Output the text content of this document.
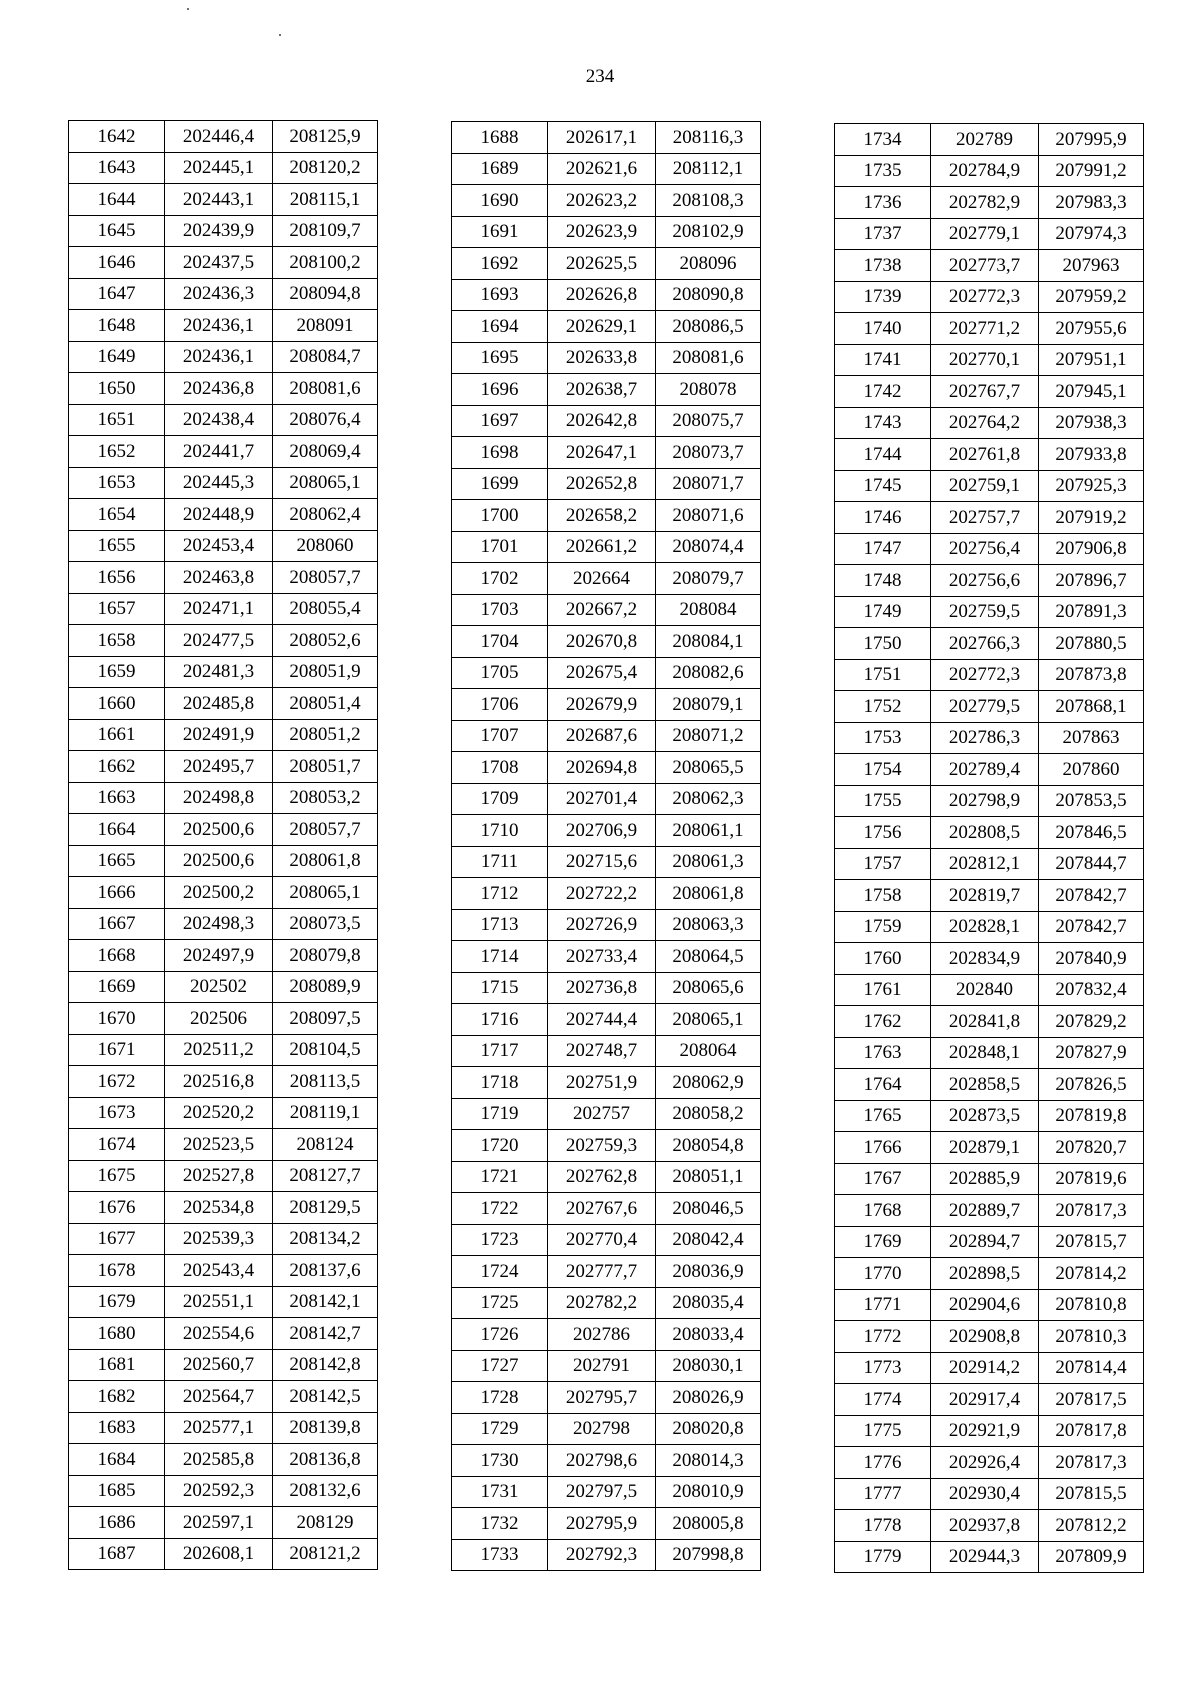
234
1642	202446,4	208125,9
1643	202445,1	208120,2
1644	202443,1	208115,1
1645	202439,9	208109,7
1646	202437,5	208100,2
1647	202436,3	208094,8
1648	202436,1	208091
1649	202436,1	208084,7
1650	202436,8	208081,6
1651	202438,4	208076,4
1652	202441,7	208069,4
1653	202445,3	208065,1
1654	202448,9	208062,4
1655	202453,4	208060
1656	202463,8	208057,7
1657	202471,1	208055,4
1658	202477,5	208052,6
1659	202481,3	208051,9
1660	202485,8	208051,4
1661	202491,9	208051,2
1662	202495,7	208051,7
1663	202498,8	208053,2
1664	202500,6	208057,7
1665	202500,6	208061,8
1666	202500,2	208065,1
1667	202498,3	208073,5
1668	202497,9	208079,8
1669	202502	208089,9
1670	202506	208097,5
1671	202511,2	208104,5
1672	202516,8	208113,5
1673	202520,2	208119,1
1674	202523,5	208124
1675	202527,8	208127,7
1676	202534,8	208129,5
1677	202539,3	208134,2
1678	202543,4	208137,6
1679	202551,1	208142,1
1680	202554,6	208142,7
1681	202560,7	208142,8
1682	202564,7	208142,5
1683	202577,1	208139,8
1684	202585,8	208136,8
1685	202592,3	208132,6
1686	202597,1	208129
1687	202608,1	208121,2
1688	202617,1	208116,3
1689	202621,6	208112,1
1690	202623,2	208108,3
1691	202623,9	208102,9
1692	202625,5	208096
1693	202626,8	208090,8
1694	202629,1	208086,5
1695	202633,8	208081,6
1696	202638,7	208078
1697	202642,8	208075,7
1698	202647,1	208073,7
1699	202652,8	208071,7
1700	202658,2	208071,6
1701	202661,2	208074,4
1702	202664	208079,7
1703	202667,2	208084
1704	202670,8	208084,1
1705	202675,4	208082,6
1706	202679,9	208079,1
1707	202687,6	208071,2
1708	202694,8	208065,5
1709	202701,4	208062,3
1710	202706,9	208061,1
1711	202715,6	208061,3
1712	202722,2	208061,8
1713	202726,9	208063,3
1714	202733,4	208064,5
1715	202736,8	208065,6
1716	202744,4	208065,1
1717	202748,7	208064
1718	202751,9	208062,9
1719	202757	208058,2
1720	202759,3	208054,8
1721	202762,8	208051,1
1722	202767,6	208046,5
1723	202770,4	208042,4
1724	202777,7	208036,9
1725	202782,2	208035,4
1726	202786	208033,4
1727	202791	208030,1
1728	202795,7	208026,9
1729	202798	208020,8
1730	202798,6	208014,3
1731	202797,5	208010,9
1732	202795,9	208005,8
1733	202792,3	207998,8
1734	202789	207995,9
1735	202784,9	207991,2
1736	202782,9	207983,3
1737	202779,1	207974,3
1738	202773,7	207963
1739	202772,3	207959,2
1740	202771,2	207955,6
1741	202770,1	207951,1
1742	202767,7	207945,1
1743	202764,2	207938,3
1744	202761,8	207933,8
1745	202759,1	207925,3
1746	202757,7	207919,2
1747	202756,4	207906,8
1748	202756,6	207896,7
1749	202759,5	207891,3
1750	202766,3	207880,5
1751	202772,3	207873,8
1752	202779,5	207868,1
1753	202786,3	207863
1754	202789,4	207860
1755	202798,9	207853,5
1756	202808,5	207846,5
1757	202812,1	207844,7
1758	202819,7	207842,7
1759	202828,1	207842,7
1760	202834,9	207840,9
1761	202840	207832,4
1762	202841,8	207829,2
1763	202848,1	207827,9
1764	202858,5	207826,5
1765	202873,5	207819,8
1766	202879,1	207820,7
1767	202885,9	207819,6
1768	202889,7	207817,3
1769	202894,7	207815,7
1770	202898,5	207814,2
1771	202904,6	207810,8
1772	202908,8	207810,3
1773	202914,2	207814,4
1774	202917,4	207817,5
1775	202921,9	207817,8
1776	202926,4	207817,3
1777	202930,4	207815,5
1778	202937,8	207812,2
1779	202944,3	207809,9
